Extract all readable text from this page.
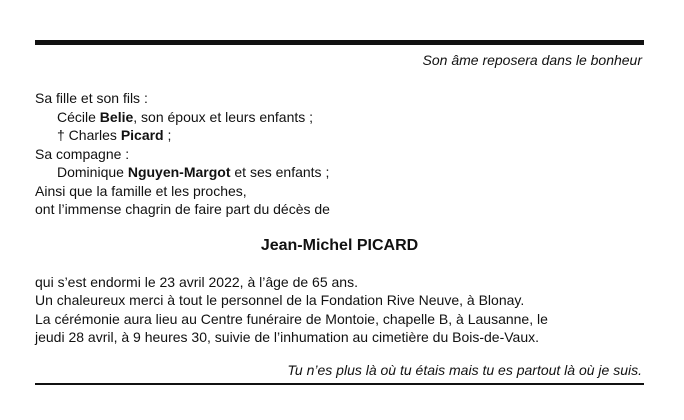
Son âme reposera dans le bonheur
Sa fille et son fils :
Cécile Belie, son époux et leurs enfants ;
† Charles Picard ;
Sa compagne :
Dominique Nguyen-Margot et ses enfants ;
Ainsi que la famille et les proches,
ont l’immense chagrin de faire part du décès de
Jean-Michel PICARD
qui s’est endormi le 23 avril 2022, à l’âge de 65 ans.
Un chaleureux merci à tout le personnel de la Fondation Rive Neuve, à Blonay.
La cérémonie aura lieu au Centre funéraire de Montoie, chapelle B, à Lausanne, le
jeudi 28 avril, à 9 heures 30, suivie de l’inhumation au cimetière du Bois-de-Vaux.
Tu n’es plus là où tu étais mais tu es partout là où je suis.
